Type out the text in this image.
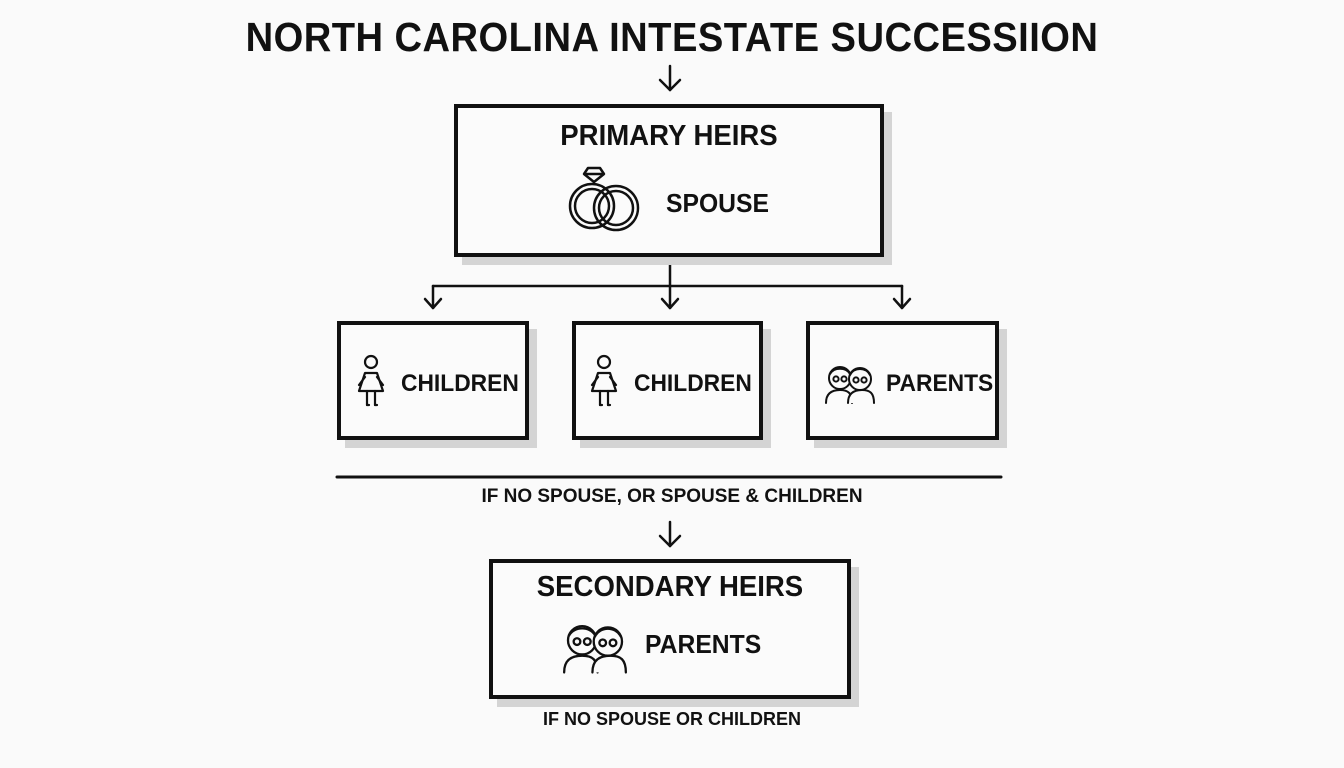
NORTH CAROLINA INTESTATE SUCCESSIION
PRIMARY HEIRS
SPOUSE
CHILDREN	CHILDREN	PARENTS
IF NO SPOUSE, OR SPOUSE & CHILDREN
SECONDARY HEIRS
PARENTS
IF NO SPOUSE OR CHILDREN
